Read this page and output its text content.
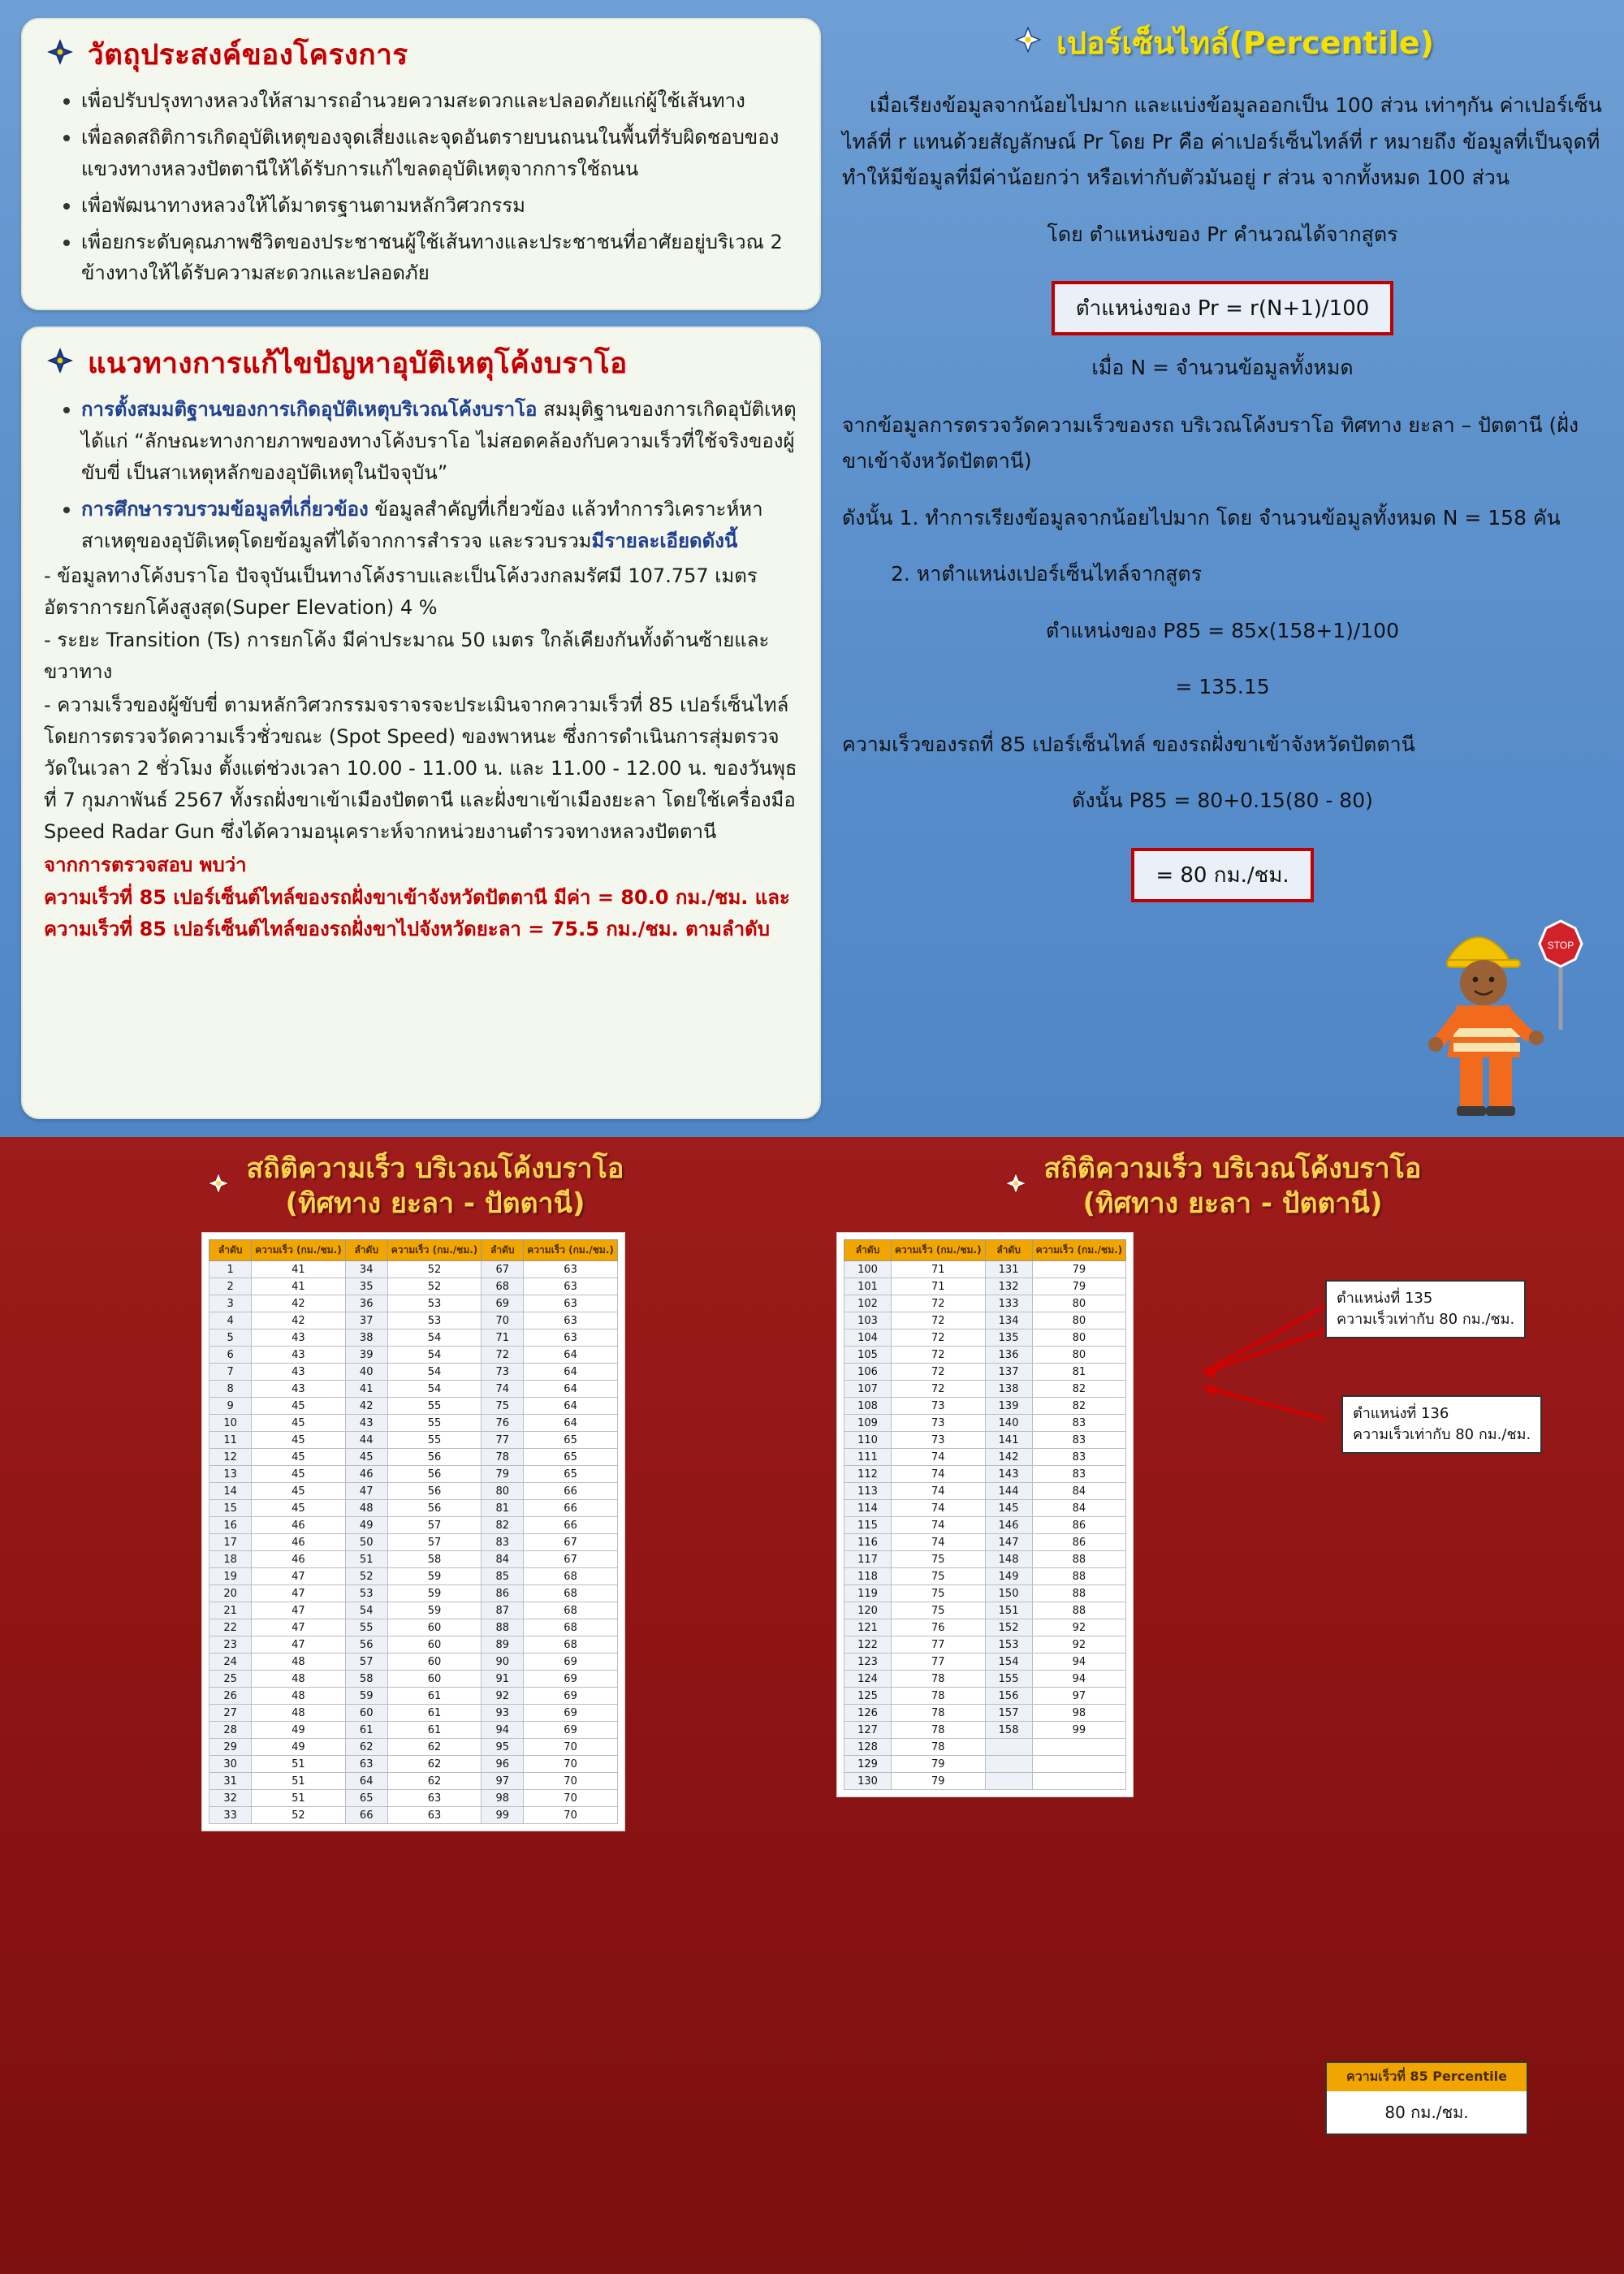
วัตถุประสงค์ของโครงการ
• เพื่อปรับปรุงทางหลวงให้สามารถอำนวยความสะดวกและปลอดภัยแก่ผู้ใช้เส้นทาง
• เพื่อลดสถิติการเกิดอุบัติเหตุของจุดเสี่ยงและจุดอันตรายบนถนนในพื้นที่รับผิดชอบของแขวงทางหลวงปัตตานีให้ได้รับการแก้ไขลดอุบัติเหตุจากการใช้ถนน
• เพื่อพัฒนาทางหลวงให้ได้มาตรฐานตามหลักวิศวกรรม
• เพื่อยกระดับคุณภาพชีวิตของประชาชนผู้ใช้เส้นทางและประชาชนที่อาศัยอยู่บริเวณ 2 ข้างทางให้ได้รับความสะดวกและปลอดภัย
แนวทางการแก้ไขปัญหาอุบัติเหตุโค้งบราโอ
• การตั้งสมมติฐานของการเกิดอุบัติเหตุบริเวณโค้งบราโอ สมมุติฐานของการเกิดอุบัติเหตุ ได้แก่ “ลักษณะทางกายภาพของทางโค้งบราโอ ไม่สอดคล้องกับความเร็วที่ใช้จริงของผู้ขับขี่ เป็นสาเหตุหลักของอุบัติเหตุในปัจจุบัน”
• การศึกษารวบรวมข้อมูลที่เกี่ยวข้อง ข้อมูลสำคัญที่เกี่ยวข้อง แล้วทำการวิเคราะห์หาสาเหตุของอุบัติเหตุโดยข้อมูลที่ได้จากการสำรวจ และรวบรวมมีรายละเอียดดังนี้

- ข้อมูลทางโค้งบราโอ ปัจจุบันเป็นทางโค้งราบและเป็นโค้งวงกลมรัศมี 107.757 เมตร อัตราการยกโค้งสูงสุด(Super Elevation) 4 %

- ระยะ Transition (Ts) การยกโค้ง มีค่าประมาณ 50 เมตร ใกล้เคียงกันทั้งด้านซ้ายและขวาทาง

- ความเร็วของผู้ขับขี่ ตามหลักวิศวกรรมจราจรจะประเมินจากความเร็วที่ 85 เปอร์เซ็นไทล์ โดยการตรวจวัดความเร็วชั่วขณะ (Spot Speed) ของพาหนะ ซึ่งการดำเนินการสุ่มตรวจวัดในเวลา 2 ชั่วโมง ตั้งแต่ช่วงเวลา 10.00 - 11.00 น. และ 11.00 - 12.00 น. ของวันพุธ ที่ 7 กุมภาพันธ์ 2567 ทั้งรถฝั่งขาเข้าเมืองปัตตานี และฝั่งขาเข้าเมืองยะลา โดยใช้เครื่องมือ Speed Radar Gun ซึ่งได้ความอนุเคราะห์จากหน่วยงานตำรวจทางหลวงปัตตานี

จากการตรวจสอบ พบว่า

ความเร็วที่ 85 เปอร์เซ็นต์ไทล์ของรถฝั่งขาเข้าจังหวัดปัตตานี มีค่า = 80.0 กม./ชม. และ ความเร็วที่ 85 เปอร์เซ็นต์ไทล์ของรถฝั่งขาไปจังหวัดยะลา = 75.5 กม./ชม. ตามลำดับ

เปอร์เซ็นไทล์(Percentile)

เมื่อเรียงข้อมูลจากน้อยไปมาก และแบ่งข้อมูลออกเป็น 100 ส่วน เท่าๆกัน ค่าเปอร์เซ็นไทล์ที่ r แทนด้วยสัญลักษณ์ Pr โดย Pr คือ ค่าเปอร์เซ็นไทล์ที่ r หมายถึง ข้อมูลที่เป็นจุดที่ทำให้มีข้อมูลที่มีค่าน้อยกว่า หรือเท่ากับตัวมันอยู่ r ส่วน จากทั้งหมด 100 ส่วน

โดย ตำแหน่งของ Pr คำนวณได้จากสูตร

ตำแหน่งของ Pr = r(N+1)/100

เมื่อ N = จำนวนข้อมูลทั้งหมด

จากข้อมูลการตรวจวัดความเร็วของรถ บริเวณโค้งบราโอ ทิศทาง ยะลา – ปัตตานี (ฝั่งขาเข้าจังหวัดปัตตานี)

ดังนั้น 1. ทำการเรียงข้อมูลจากน้อยไปมาก โดย จำนวนข้อมูลทั้งหมด N = 158 คัน

2. หาตำแหน่งเปอร์เซ็นไทล์จากสูตร

ตำแหน่งของ P85 = 85x(158+1)/100

= 135.15

ความเร็วของรถที่ 85 เปอร์เซ็นไทล์ ของรถฝั่งขาเข้าจังหวัดปัตตานี

ดังนั้น P85 = 80+0.15(80 - 80)

= 80 กม./ชม.
STOP
สถิติความเร็ว บริเวณโค้งบราโอ
(ทิศทาง ยะลา - ปัตตานี)
ลำดับ	ความเร็ว (กม./ชม.)	ลำดับ	ความเร็ว (กม./ชม.)	ลำดับ	ความเร็ว (กม./ชม.)
1	41	34	52	67	63
2	41	35	52	68	63
3	42	36	53	69	63
4	42	37	53	70	63
5	43	38	54	71	63
6	43	39	54	72	64
7	43	40	54	73	64
8	43	41	54	74	64
9	45	42	55	75	64
10	45	43	55	76	64
11	45	44	55	77	65
12	45	45	56	78	65
13	45	46	56	79	65
14	45	47	56	80	66
15	45	48	56	81	66
16	46	49	57	82	66
17	46	50	57	83	67
18	46	51	58	84	67
19	47	52	59	85	68
20	47	53	59	86	68
21	47	54	59	87	68
22	47	55	60	88	68
23	47	56	60	89	68
24	48	57	60	90	69
25	48	58	60	91	69
26	48	59	61	92	69
27	48	60	61	93	69
28	49	61	61	94	69
29	49	62	62	95	70
30	51	63	62	96	70
31	51	64	62	97	70
32	51	65	63	98	70
33	52	66	63	99	70
สถิติความเร็ว บริเวณโค้งบราโอ
(ทิศทาง ยะลา - ปัตตานี)
ลำดับ	ความเร็ว (กม./ชม.)	ลำดับ	ความเร็ว (กม./ชม.)
100	71	131	79
101	71	132	79
102	72	133	80
103	72	134	80
104	72	135	80
105	72	136	80
106	72	137	81
107	72	138	82
108	73	139	82
109	73	140	83
110	73	141	83
111	74	142	83
112	74	143	83
113	74	144	84
114	74	145	84
115	74	146	86
116	74	147	86
117	75	148	88
118	75	149	88
119	75	150	88
120	75	151	88
121	76	152	92
122	77	153	92
123	77	154	94
124	78	155	94
125	78	156	97
126	78	157	98
127	78	158	99
128	78		
129	79		
130	79		
ตำแหน่งที่ 135
ความเร็วเท่ากับ 80 กม./ชม.
ตำแหน่งที่ 136
ความเร็วเท่ากับ 80 กม./ชม.
ความเร็วที่ 85 Percentile
80 กม./ชม.
